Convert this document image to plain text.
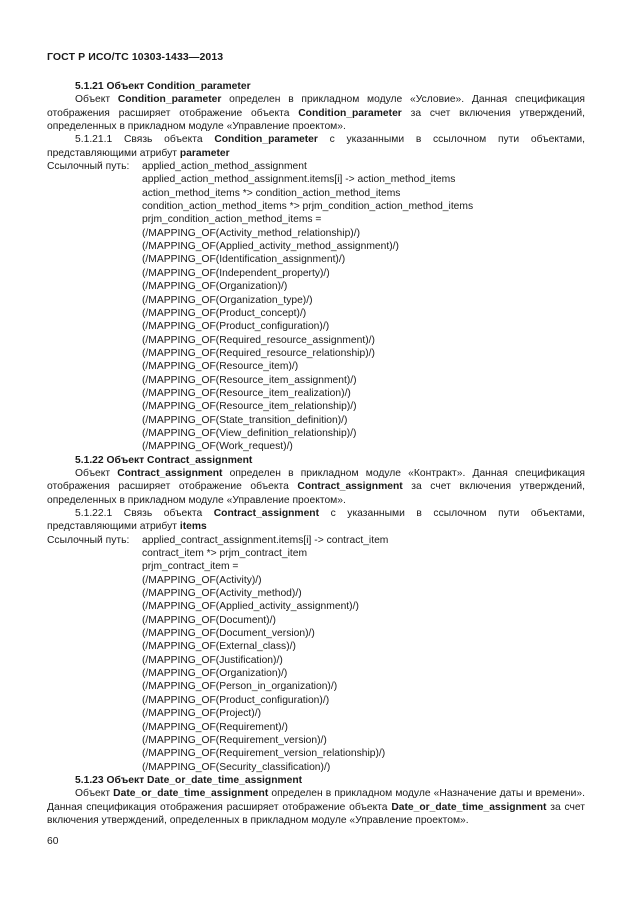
ГОСТ Р ИСО/ТС 10303-1433—2013
5.1.21 Объект Condition_parameter
Объект Condition_parameter определен в прикладном модуле «Условие». Данная спецификация отображения расширяет отображение объекта Condition_parameter за счет включения утверждений, определенных в прикладном модуле «Управление проектом».
5.1.21.1 Связь объекта Condition_parameter с указанными в ссылочном пути объектами, представляющими атрибут parameter
Ссылочный путь: applied_action_method_assignment
applied_action_method_assignment.items[i] -> action_method_items
action_method_items *> condition_action_method_items
condition_action_method_items *> prjm_condition_action_method_items
prjm_condition_action_method_items =
(/MAPPING_OF(Activity_method_relationship)/)
(/MAPPING_OF(Applied_activity_method_assignment)/)
(/MAPPING_OF(Identification_assignment)/)
(/MAPPING_OF(Independent_property)/)
(/MAPPING_OF(Organization)/)
(/MAPPING_OF(Organization_type)/)
(/MAPPING_OF(Product_concept)/)
(/MAPPING_OF(Product_configuration)/)
(/MAPPING_OF(Required_resource_assignment)/)
(/MAPPING_OF(Required_resource_relationship)/)
(/MAPPING_OF(Resource_item)/)
(/MAPPING_OF(Resource_item_assignment)/)
(/MAPPING_OF(Resource_item_realization)/)
(/MAPPING_OF(Resource_item_relationship)/)
(/MAPPING_OF(State_transition_definition)/)
(/MAPPING_OF(View_definition_relationship)/)
(/MAPPING_OF(Work_request)/)
5.1.22 Объект Contract_assignment
Объект Contract_assignment определен в прикладном модуле «Контракт». Данная спецификация отображения расширяет отображение объекта Contract_assignment за счет включения утверждений, определенных в прикладном модуле «Управление проектом».
5.1.22.1 Связь объекта Contract_assignment с указанными в ссылочном пути объектами, представляющими атрибут items
Ссылочный путь: applied_contract_assignment.items[i] -> contract_item
contract_item *> prjm_contract_item
prjm_contract_item =
(/MAPPING_OF(Activity)/)
(/MAPPING_OF(Activity_method)/)
(/MAPPING_OF(Applied_activity_assignment)/)
(/MAPPING_OF(Document)/)
(/MAPPING_OF(Document_version)/)
(/MAPPING_OF(External_class)/)
(/MAPPING_OF(Justification)/)
(/MAPPING_OF(Organization)/)
(/MAPPING_OF(Person_in_organization)/)
(/MAPPING_OF(Product_configuration)/)
(/MAPPING_OF(Project)/)
(/MAPPING_OF(Requirement)/)
(/MAPPING_OF(Requirement_version)/)
(/MAPPING_OF(Requirement_version_relationship)/)
(/MAPPING_OF(Security_classification)/)
5.1.23 Объект Date_or_date_time_assignment
Объект Date_or_date_time_assignment определен в прикладном модуле «Назначение даты и времени». Данная спецификация отображения расширяет отображение объекта Date_or_date_time_assignment за счет включения утверждений, определенных в прикладном модуле «Управление проектом».
60
